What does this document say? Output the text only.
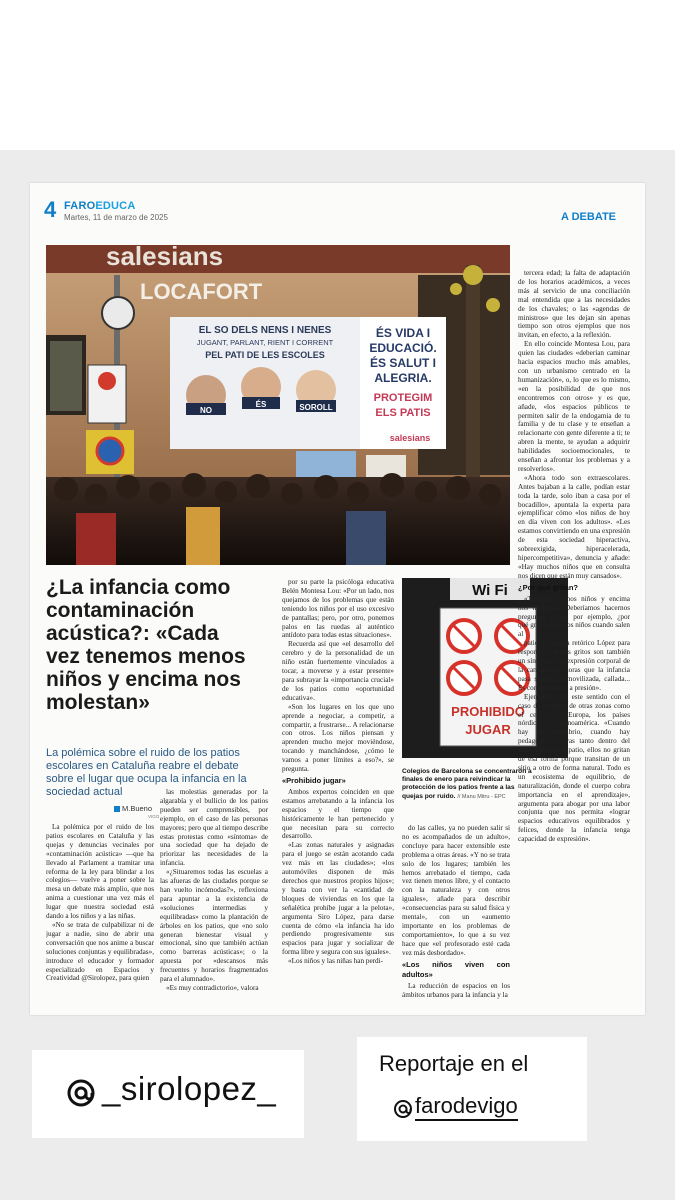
4 FAROEDUCA
Martes, 11 de marzo de 2025	A DEBATE
salesians
LOCAFORT
EL SO DELS NENS I NENES
JUGANT, PARLANT, RIENT I CORRENT
PEL PATI DE LES ESCOLES
NO
ÉS	SOROLL
ÉS VIDA I
EDUCACIÓ.
ÉS SALUT I
ALEGRIA.
PROTEGIM
ELS PATIS
salesians
¿La infancia como contaminación acústica?: «Cada vez tenemos menos niños y encima nos molestan»
La polémica sobre el ruido de los patios escolares en Cataluña reabre el debate sobre el lugar que ocupa la infancia en la sociedad actual
M.Bueno
VIGO

La polémica por el ruido de los patios escolares en Cataluña y las quejas y denuncias vecinales por «contaminación acústica» —que ha llevado al Parlament a tramitar una reforma de la ley para blindar a los colegios— vuelve a poner sobre la mesa un debate más amplio, que nos anima a cuestionar una vez más el lugar que nuestra sociedad está dando a los niños y a las niñas.

«No se trata de culpabilizar ni de jugar a nadie, sino de abrir una conversación que nos anime a buscar soluciones conjuntas y equilibradas», introduce el educador y formador especializado en Espacios y Creatividad @Sirolopez, para quien

las molestias generadas por la algarabía y el bullicio de los patios pueden ser comprensibles, por ejemplo, en el caso de las personas mayores; pero que al tiempo describe estas protestas como «síntoma» de una sociedad que ha dejado de priorizar las necesidades de la infancia.

«¿Situaremos todas las escuelas a las afueras de las ciudades porque se han vuelto incómodas?», reflexiona para apuntar a la existencia de «soluciones intermedias y equilibradas» como la plantación de árboles en los patios, que «no solo generan bienestar visual y emocional, sino que también actúan como barreras acústicas»; o la apuesta por «descansos más frecuentes y horarios fragmentados para el alumnado».

«Es muy contradictorio», valora

por su parte la psicóloga educativa Belén Montesa Lou: «Por un lado, nos quejamos de los problemas que están teniendo los niños por el uso excesivo de pantallas; pero, por otro, ponemos palos en las ruedas al auténtico antídoto para todas estas situaciones».

Recuerda así que «el desarrollo del cerebro y de la personalidad de un niño están fuertemente vinculados a tocar, a moverse y a estar presente» para subrayar la «importancia crucial» de los patios como «oportunidad educativa».

«Son los lugares en los que uno aprende a negociar, a competir, a compartir, a frustrarse... A relacionarse con otros. Los niños piensan y aprenden mucho mejor moviéndose, tocando y manchándose, ¿cómo le vamos a poner límites a eso?», se pregunta.

«Prohibido jugar»

Ambos expertos coinciden en que estamos arrebatando a la infancia los espacios y el tiempo que históricamente le han pertenecido y que necesitan para su correcto desarrollo.

«Las zonas naturales y asignadas para el juego se están acotando cada vez más en las ciudades»; «los automóviles disponen de más derechos que nuestros propios hijos»; y basta con ver la «cantidad de bloques de viviendas en los que la señalética prohíbe jugar a la pelota», argumenta Siro López, para darse cuenta de cómo «la infancia ha ido perdiendo progresivamente sus espacios para jugar y socializar de forma libre y segura con sus iguales».

«Los niños y las niñas han perdi-

Wi Fi
PROHIBIDO
JUGAR
Colegios de Barcelona se concentraron a finales de enero para reivindicar la protección de los patios frente a las quejas por ruido. // Manu Mitru - EPC

do las calles, ya no pueden salir si no es acompañados de un adulto», concluye para hacer extensible este problema a otras áreas. «Y no se trata solo de los lugares; también les hemos arrebatado el tiempo, cada vez tienen menos libre, y el contacto con la naturaleza y con otros iguales», añade para describir «consecuencias para su salud física y mental», con un «aumento importante en los problemas de comportamiento», lo que a su vez hace que «el profesorado esté cada vez más desbordado».

«Los niños viven con adultos»

La reducción de espacios en los ámbitos urbanos para la infancia y la

tercera edad; la falta de adaptación de los horarios académicos, a veces más al servicio de una conciliación mal entendida que a las necesidades de los chavales; o las «agendas de ministros» que les dejan sin apenas tiempo son otros ejemplos que nos invitan, en efecto, a la reflexión.

En ello coincide Montesa Lou, para quien las ciudades «deberían caminar hacia espacios mucho más amables, con un urbanismo centrado en la humanización», o, lo que es lo mismo, «en la posibilidad de que nos encontremos con otros» y es que, añade, «los espacios públicos te permiten salir de la endogamia de tu familia y de tu clase y te enseñan a relacionarte con gente diferente a ti; te abren la mente, te ayudan a adquirir habilidades socioemocionales, te enseñan a afrontar los problemas y a resolverlos».

«Ahora todo son extraescolares. Antes bajaban a la calle, podían estar toda la tarde, solo iban a casa por el bocadillo», apuntala la experta para ejemplificar cómo «los niños de hoy en día viven con los adultos». «Les estamos convirtiendo en una expresión de esta sociedad hiperactiva, sobreexigida, hiperacelerada, hipercompetitiva», denuncia y añade: «Hay muchos niños que en consulta nos dicen que están muy cansados».

¿Por qué gritan?

«Tenemos menos niños y encima nos molestan. Deberíamos hacernos preguntas como, por ejemplo, ¿por qué gritan tanto los niños cuando salen al

patio?», retoma retórico López para responder: «Estos gritos son también un síntoma, una expresión corporal de la cantidad de horas que la infancia pasa sentada, inmovilizada, callada... Es como una olla a presión».

Ejemplifica en este sentido con el caso de escuelas de otras zonas como el centro de Europa, los países nórdicos o Latinoamérica. «Cuando hay un equilibrio, cuando hay pedagogías activas tanto dentro del aula como en el patio, ellos no gritan de esa forma porque transitan de un sitio a otro de forma natural. Todo es un ecosistema de equilibrio, de naturalización, donde el cuerpo cobra importancia en el aprendizaje», argumenta para abogar por una labor conjunta que nos permita «lograr espacios educativos equilibrados y felices, donde la infancia tenga capacidad de expresión».

_sirolopez_
Reportaje en el
farodevigo
